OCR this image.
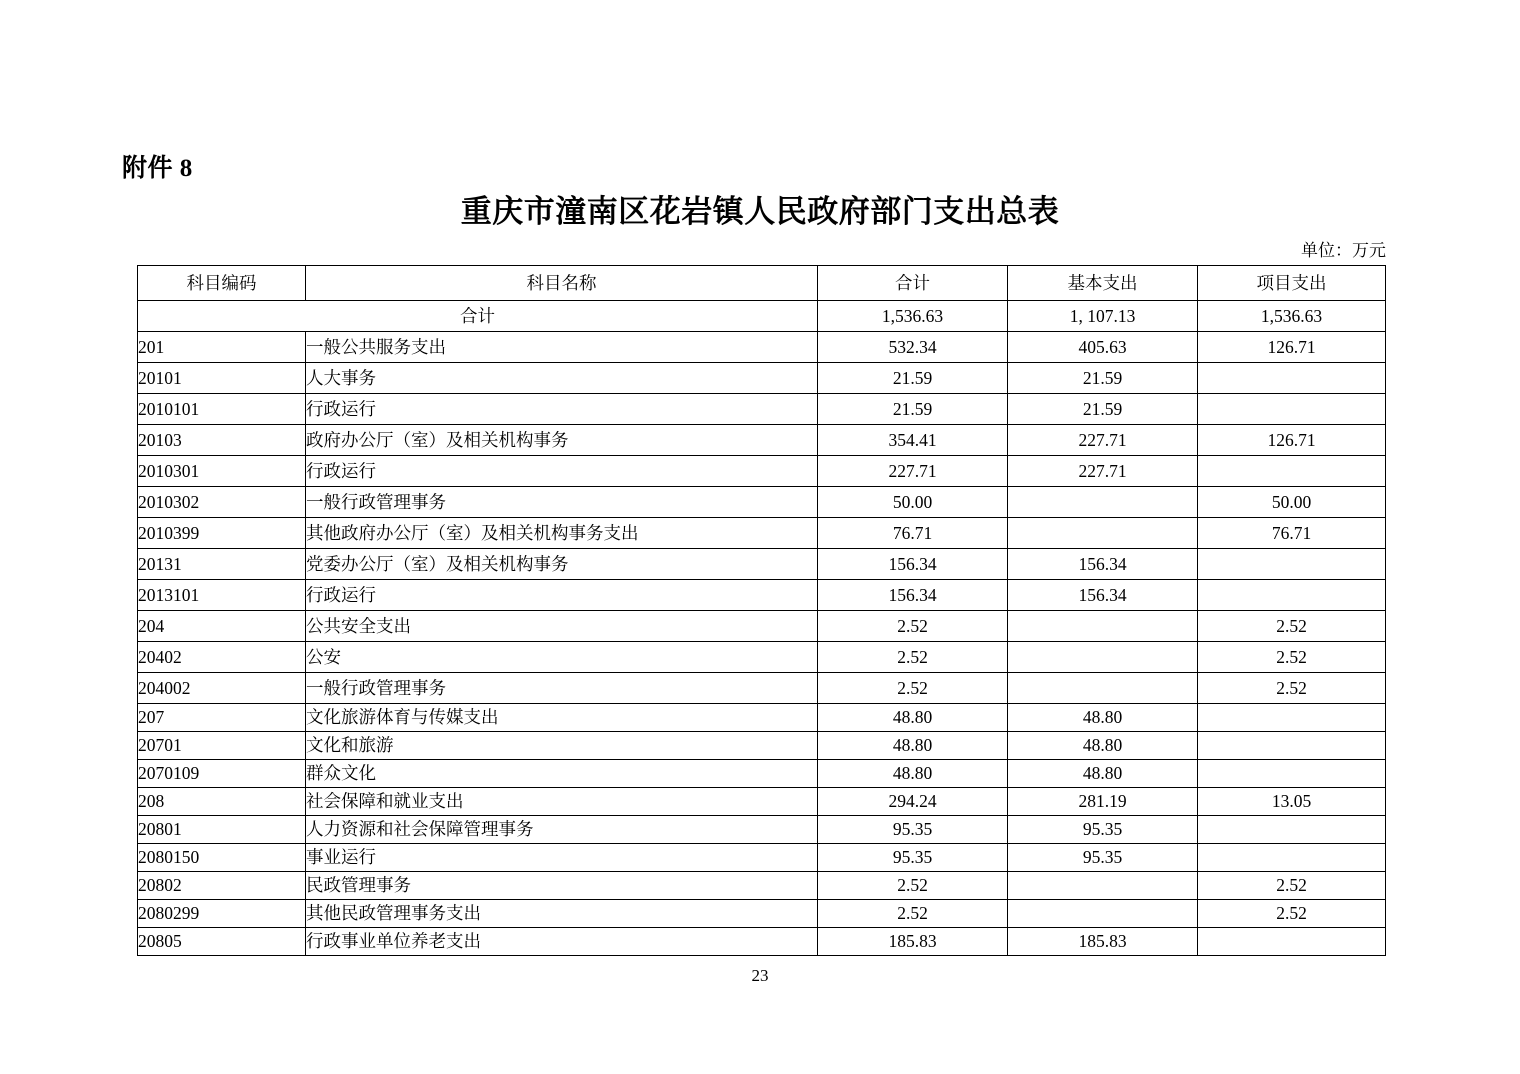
附件 8
重庆市潼南区花岩镇人民政府部门支出总表
单位：万元
科目编码	科目名称	合计	基本支出	项目支出
合计		1,536.63	1, 107.13	1,536.63
201	一般公共服务支出	532.34	405.63	126.71
20101	人大事务	21.59	21.59	
2010101	行政运行	21.59	21.59	
20103	政府办公厅（室）及相关机构事务	354.41	227.71	126.71
2010301	行政运行	227.71	227.71	
2010302	一般行政管理事务	50.00		50.00
2010399	其他政府办公厅（室）及相关机构事务支出	76.71		76.71
20131	党委办公厅（室）及相关机构事务	156.34	156.34	
2013101	行政运行	156.34	156.34	
204	公共安全支出	2.52		2.52
20402	公安	2.52		2.52
204002	一般行政管理事务	2.52		2.52
207	文化旅游体育与传媒支出	48.80	48.80	
20701	文化和旅游	48.80	48.80	
2070109	群众文化	48.80	48.80	
208	社会保障和就业支出	294.24	281.19	13.05
20801	人力资源和社会保障管理事务	95.35	95.35	
2080150	事业运行	95.35	95.35	
20802	民政管理事务	2.52		2.52
2080299	其他民政管理事务支出	2.52		2.52
20805	行政事业单位养老支出	185.83	185.83	
23
